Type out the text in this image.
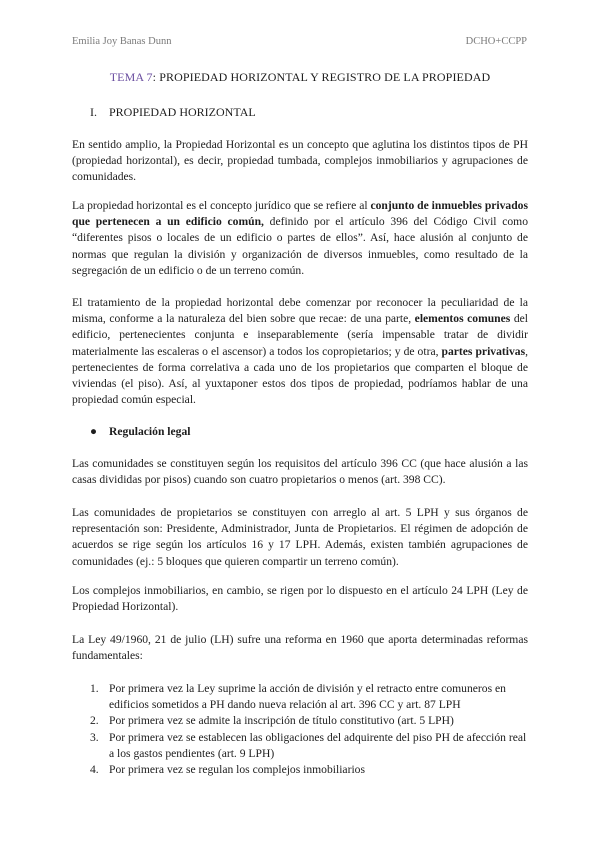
Emilia Joy Banas Dunn	DCHO+CCPP
TEMA 7: PROPIEDAD HORIZONTAL Y REGISTRO DE LA PROPIEDAD
I. PROPIEDAD HORIZONTAL

En sentido amplio, la Propiedad Horizontal es un concepto que aglutina los distintos tipos de PH (propiedad horizontal), es decir, propiedad tumbada, complejos inmobiliarios y agrupaciones de comunidades.

La propiedad horizontal es el concepto jurídico que se refiere al conjunto de inmuebles privados que pertenecen a un edificio común, definido por el artículo 396 del Código Civil como “diferentes pisos o locales de un edificio o partes de ellos”. Así, hace alusión al conjunto de normas que regulan la división y organización de diversos inmuebles, como resultado de la segregación de un edificio o de un terreno común.

El tratamiento de la propiedad horizontal debe comenzar por reconocer la peculiaridad de la misma, conforme a la naturaleza del bien sobre que recae: de una parte, elementos comunes del edificio, pertenecientes conjunta e inseparablemente (sería impensable tratar de dividir materialmente las escaleras o el ascensor) a todos los copropietarios; y de otra, partes privativas, pertenecientes de forma correlativa a cada uno de los propietarios que comparten el bloque de viviendas (el piso). Así, al yuxtaponer estos dos tipos de propiedad, podríamos hablar de una propiedad común especial.

● Regulación legal

Las comunidades se constituyen según los requisitos del artículo 396 CC (que hace alusión a las casas divididas por pisos) cuando son cuatro propietarios o menos (art. 398 CC).

Las comunidades de propietarios se constituyen con arreglo al art. 5 LPH y sus órganos de representación son: Presidente, Administrador, Junta de Propietarios. El régimen de adopción de acuerdos se rige según los artículos 16 y 17 LPH. Además, existen también agrupaciones de comunidades (ej.: 5 bloques que quieren compartir un terreno común).

Los complejos inmobiliarios, en cambio, se rigen por lo dispuesto en el artículo 24 LPH (Ley de Propiedad Horizontal).

La Ley 49/1960, 21 de julio (LH) sufre una reforma en 1960 que aporta determinadas reformas fundamentales:

1. Por primera vez la Ley suprime la acción de división y el retracto entre comuneros en edificios sometidos a PH dando nueva relación al art. 396 CC y art. 87 LPH
2. Por primera vez se admite la inscripción de título constitutivo (art. 5 LPH)
3. Por primera vez se establecen las obligaciones del adquirente del piso PH de afección real a los gastos pendientes (art. 9 LPH)
4. Por primera vez se regulan los complejos inmobiliarios
